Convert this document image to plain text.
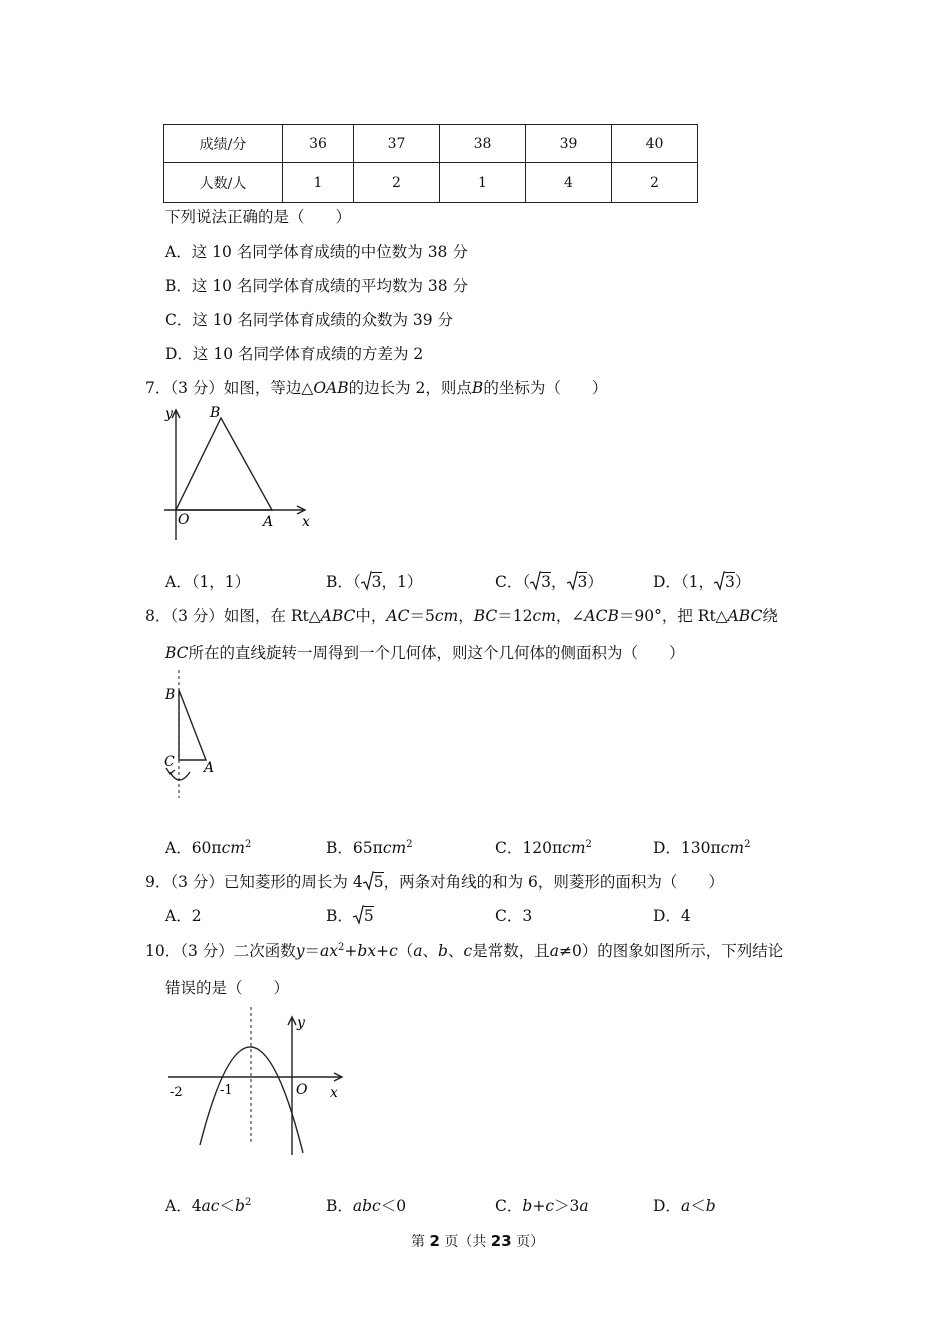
成绩/分	36	37	38	39	40
人数/人	1	2	1	4	2
下列说法正确的是（　　）
A．这 10 名同学体育成绩的中位数为 38 分
B．这 10 名同学体育成绩的平均数为 38 分
C．这 10 名同学体育成绩的众数为 39 分
D．这 10 名同学体育成绩的方差为 2
7．（3 分）如图，等边△OAB的边长为 2，则点B的坐标为（　　）
y
x
O	A
B
A．（1，1）	B．（ 3，1）	C．（ 3， 3）	D．（1， 3）
8．（3 分）如图，在 Rt△ABC中，AC＝5cm，BC＝12cm，∠ACB＝90°，把 Rt△ABC绕
BC所在的直线旋转一周得到一个几何体，则这个几何体的侧面积为（　　）
B
C A
A．60πcm$^2$	B．65πcm$^2$	C．120πcm$^2$	D．130πcm$^2$
9．（3 分）已知菱形的周长为 4 5，两条对角线的和为 6，则菱形的面积为（　　）
A．2	B． 5	C．3	D．4
10．（3 分）二次函数$y=ax^2+bx+c(a$、b、c是常数，且a≠0）的图象如图所示，下列结论
错误的是（　　）
-2	-1	O x
y
A．$4ac<b^2$	B．abc＜0	C．b+c＞3a	D．a＜b
第 2 页（共 23 页）
